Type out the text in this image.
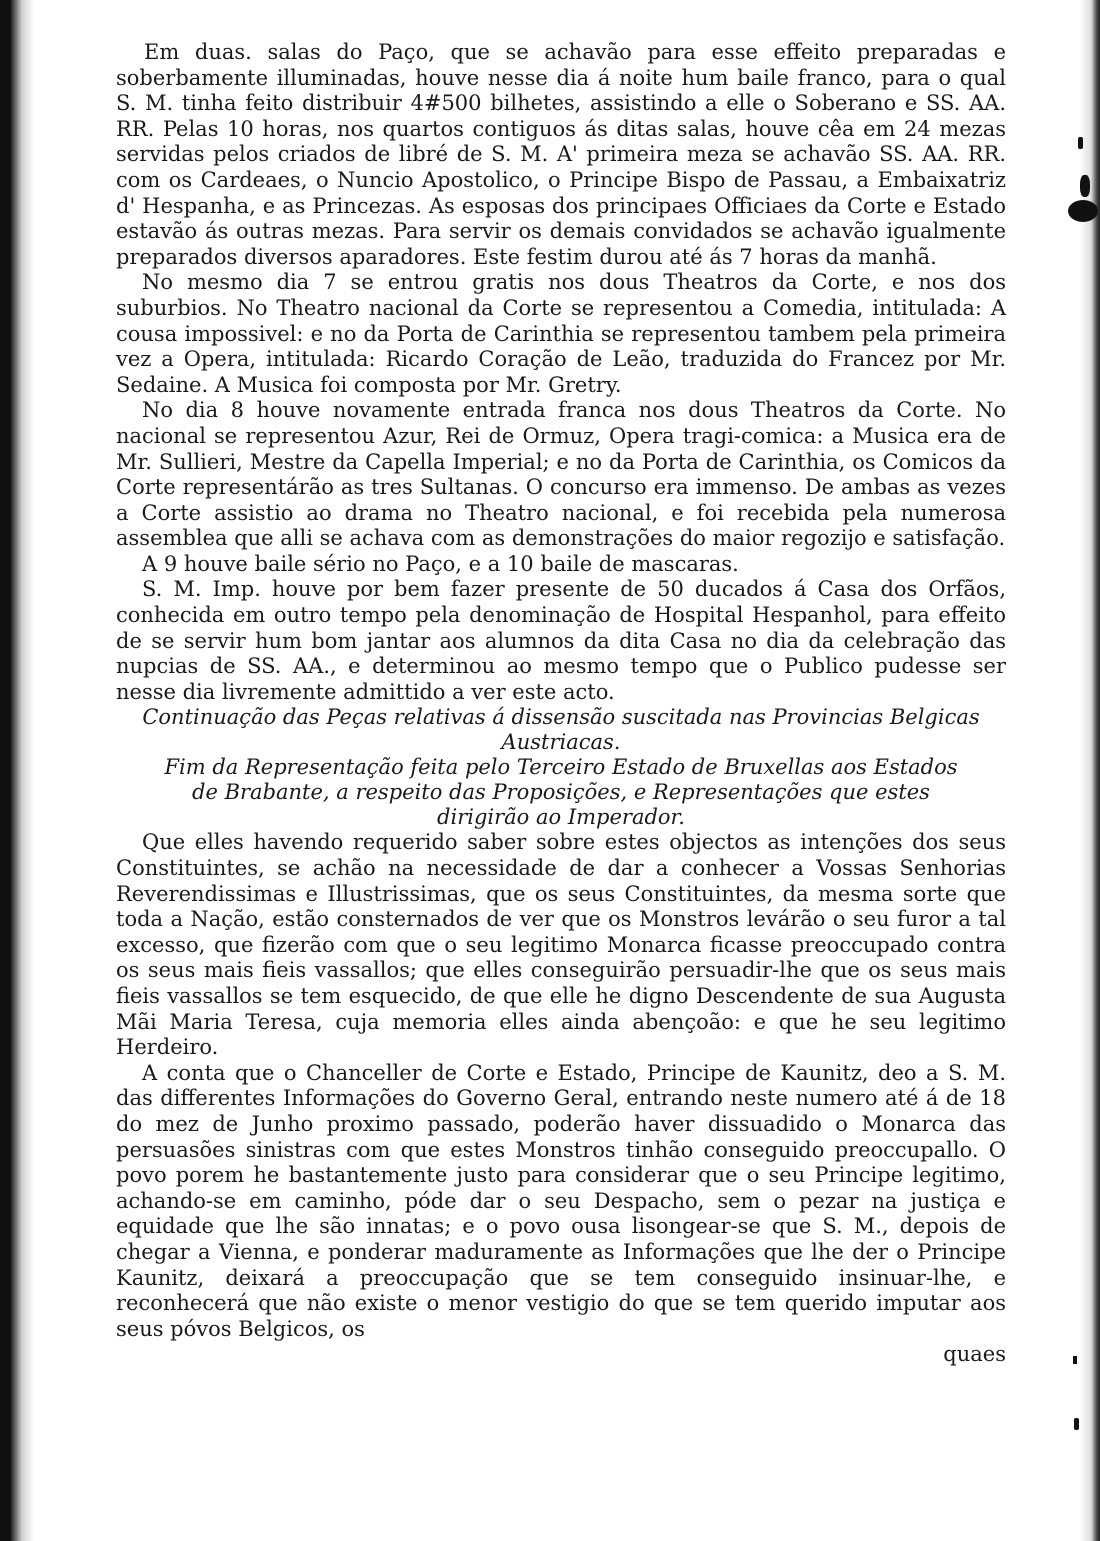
Em duas. salas do Paço, que se achavão para esse effeito preparadas e soberbamente illuminadas, houve nesse dia á noite hum baile franco, para o qual S. M. tinha feito distribuir 4#500 bilhetes, assistindo a elle o Soberano e SS. AA. RR. Pelas 10 horas, nos quartos contiguos ás ditas salas, houve cêa em 24 mezas servidas pelos criados de libré de S. M. A' primeira meza se achavão SS. AA. RR. com os Cardeaes, o Nuncio Apostolico, o Principe Bispo de Passau, a Embaixatriz d' Hespanha, e as Princezas. As esposas dos principaes Officiaes da Corte e Estado estavão ás outras mezas. Para servir os demais convidados se achavão igualmente preparados diversos aparadores. Este festim durou até ás 7 horas da manhã.

No mesmo dia 7 se entrou gratis nos dous Theatros da Corte, e nos dos suburbios. No Theatro nacional da Corte se representou a Comedia, intitulada: A cousa impossivel: e no da Porta de Carinthia se representou tambem pela primeira vez a Opera, intitulada: Ricardo Coração de Leão, traduzida do Francez por Mr. Sedaine. A Musica foi composta por Mr. Gretry.

No dia 8 houve novamente entrada franca nos dous Theatros da Corte. No nacional se representou Azur, Rei de Ormuz, Opera tragi-comica: a Musica era de Mr. Sullieri, Mestre da Capella Imperial; e no da Porta de Carinthia, os Comicos da Corte representárão as tres Sultanas. O concurso era immenso. De ambas as vezes a Corte assistio ao drama no Theatro nacional, e foi recebida pela numerosa assemblea que alli se achava com as demonstrações do maior regozijo e satisfação.

A 9 houve baile sério no Paço, e a 10 baile de mascaras.

S. M. Imp. houve por bem fazer presente de 50 ducados á Casa dos Orfãos, conhecida em outro tempo pela denominação de Hospital Hespanhol, para effeito de se servir hum bom jantar aos alumnos da dita Casa no dia da celebração das nupcias de SS. AA., e determinou ao mesmo tempo que o Publico pudesse ser nesse dia livremente admittido a ver este acto.

Continuação das Peças relativas á dissensão suscitada nas Provincias Belgicas
Austriacas.
Fim da Representação feita pelo Terceiro Estado de Bruxellas aos Estados
de Brabante, a respeito das Proposições, e Representações que estes
dirigirão ao Imperador.

Que elles havendo requerido saber sobre estes objectos as intenções dos seus Constituintes, se achão na necessidade de dar a conhecer a Vossas Senhorias Reverendissimas e Illustrissimas, que os seus Constituintes, da mesma sorte que toda a Nação, estão consternados de ver que os Monstros levárão o seu furor a tal excesso, que fizerão com que o seu legitimo Monarca ficasse preoccupado contra os seus mais fieis vassallos; que elles conseguirão persuadir-lhe que os seus mais fieis vassallos se tem esquecido, de que elle he digno Descendente de sua Augusta Mãi Maria Teresa, cuja memoria elles ainda abençoão: e que he seu legitimo Herdeiro.

A conta que o Chanceller de Corte e Estado, Principe de Kaunitz, deo a S. M. das differentes Informações do Governo Geral, entrando neste numero até á de 18 do mez de Junho proximo passado, poderão haver dissuadido o Monarca das persuasões sinistras com que estes Monstros tinhão conseguido preoccupallo. O povo porem he bastantemente justo para considerar que o seu Principe legitimo, achando-se em caminho, póde dar o seu Despacho, sem o pezar na justiça e equidade que lhe são innatas; e o povo ousa lisongear-se que S. M., depois de chegar a Vienna, e ponderar maduramente as Informações que lhe der o Principe Kaunitz, deixará a preoccupação que se tem conseguido insinuar-lhe, e reconhecerá que não existe o menor vestigio do que se tem querido imputar aos seus póvos Belgicos, os

quaes
